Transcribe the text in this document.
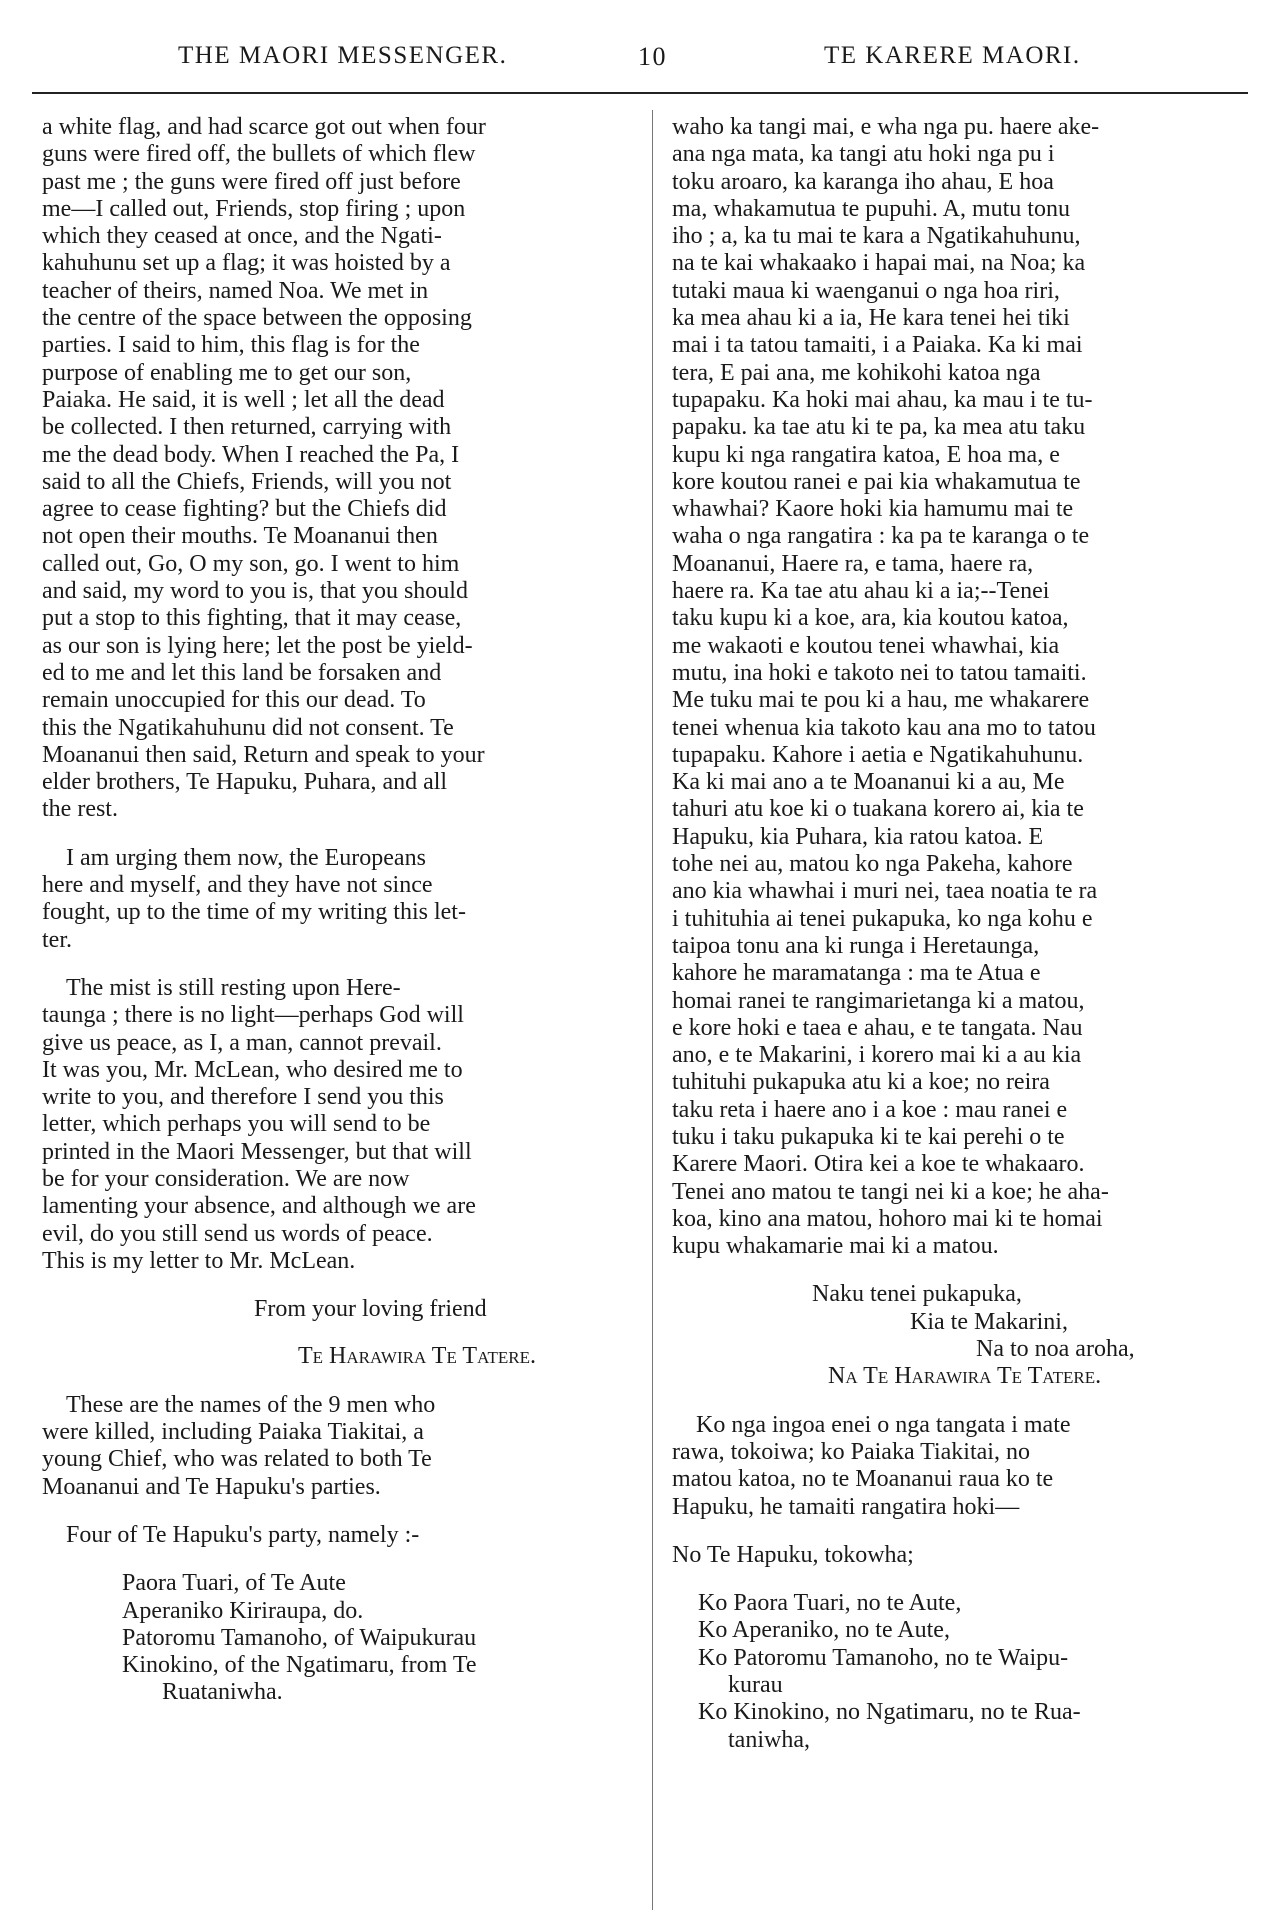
THE MAORI MESSENGER.	10	TE KARERE MAORI.
a white flag, and had scarce got out when four
guns were fired off, the bullets of which flew
past me ; the guns were fired off just before
me—I called out, Friends, stop firing ; upon
which they ceased at once, and the Ngati-
kahuhunu set up a flag; it was hoisted by a
teacher of theirs, named Noa. We met in
the centre of the space between the opposing
parties. I said to him, this flag is for the
purpose of enabling me to get our son,
Paiaka. He said, it is well ; let all the dead
be collected. I then returned, carrying with
me the dead body. When I reached the Pa, I
said to all the Chiefs, Friends, will you not
agree to cease fighting? but the Chiefs did
not open their mouths. Te Moananui then
called out, Go, O my son, go. I went to him
and said, my word to you is, that you should
put a stop to this fighting, that it may cease,
as our son is lying here; let the post be yield-
ed to me and let this land be forsaken and
remain unoccupied for this our dead. To
this the Ngatikahuhunu did not consent. Te
Moananui then said, Return and speak to your
elder brothers, Te Hapuku, Puhara, and all
the rest.
I am urging them now, the Europeans
here and myself, and they have not since
fought, up to the time of my writing this let-
ter.
The mist is still resting upon Here-
taunga ; there is no light—perhaps God will
give us peace, as I, a man, cannot prevail.
It was you, Mr. McLean, who desired me to
write to you, and therefore I send you this
letter, which perhaps you will send to be
printed in the Maori Messenger, but that will
be for your consideration. We are now
lamenting your absence, and although we are
evil, do you still send us words of peace.
This is my letter to Mr. McLean.
From your loving friend
Te Harawira Te Tatere.
These are the names of the 9 men who
were killed, including Paiaka Tiakitai, a
young Chief, who was related to both Te
Moananui and Te Hapuku's parties.
Four of Te Hapuku's party, namely :-
Paora Tuari, of Te Aute
Aperaniko Kiriraupa, do.
Patoromu Tamanoho, of Waipukurau
Kinokino, of the Ngatimaru, from Te
Ruataniwha.
waho ka tangi mai, e wha nga pu. haere ake-
ana nga mata, ka tangi atu hoki nga pu i
toku aroaro, ka karanga iho ahau, E hoa
ma, whakamutua te pupuhi. A, mutu tonu
iho ; a, ka tu mai te kara a Ngatikahuhunu,
na te kai whakaako i hapai mai, na Noa; ka
tutaki maua ki waenganui o nga hoa riri,
ka mea ahau ki a ia, He kara tenei hei tiki
mai i ta tatou tamaiti, i a Paiaka. Ka ki mai
tera, E pai ana, me kohikohi katoa nga
tupapaku. Ka hoki mai ahau, ka mau i te tu-
papaku. ka tae atu ki te pa, ka mea atu taku
kupu ki nga rangatira katoa, E hoa ma, e
kore koutou ranei e pai kia whakamutua te
whawhai? Kaore hoki kia hamumu mai te
waha o nga rangatira : ka pa te karanga o te
Moananui, Haere ra, e tama, haere ra,
haere ra. Ka tae atu ahau ki a ia;--Tenei
taku kupu ki a koe, ara, kia koutou katoa,
me wakaoti e koutou tenei whawhai, kia
mutu, ina hoki e takoto nei to tatou tamaiti.
Me tuku mai te pou ki a hau, me whakarere
tenei whenua kia takoto kau ana mo to tatou
tupapaku. Kahore i aetia e Ngatikahuhunu.
Ka ki mai ano a te Moananui ki a au, Me
tahuri atu koe ki o tuakana korero ai, kia te
Hapuku, kia Puhara, kia ratou katoa. E
tohe nei au, matou ko nga Pakeha, kahore
ano kia whawhai i muri nei, taea noatia te ra
i tuhituhia ai tenei pukapuka, ko nga kohu e
taipoa tonu ana ki runga i Heretaunga,
kahore he maramatanga : ma te Atua e
homai ranei te rangimarietanga ki a matou,
e kore hoki e taea e ahau, e te tangata. Nau
ano, e te Makarini, i korero mai ki a au kia
tuhituhi pukapuka atu ki a koe; no reira
taku reta i haere ano i a koe : mau ranei e
tuku i taku pukapuka ki te kai perehi o te
Karere Maori. Otira kei a koe te whakaaro.
Tenei ano matou te tangi nei ki a koe; he aha-
koa, kino ana matou, hohoro mai ki te homai
kupu whakamarie mai ki a matou.
Naku tenei pukapuka,
Kia te Makarini,
Na to noa aroha,
Na Te Harawira Te Tatere.
Ko nga ingoa enei o nga tangata i mate
rawa, tokoiwa; ko Paiaka Tiakitai, no
matou katoa, no te Moananui raua ko te
Hapuku, he tamaiti rangatira hoki—
No Te Hapuku, tokowha;
Ko Paora Tuari, no te Aute,
Ko Aperaniko, no te Aute,
Ko Patoromu Tamanoho, no te Waipu-
kurau
Ko Kinokino, no Ngatimaru, no te Rua-
taniwha,
